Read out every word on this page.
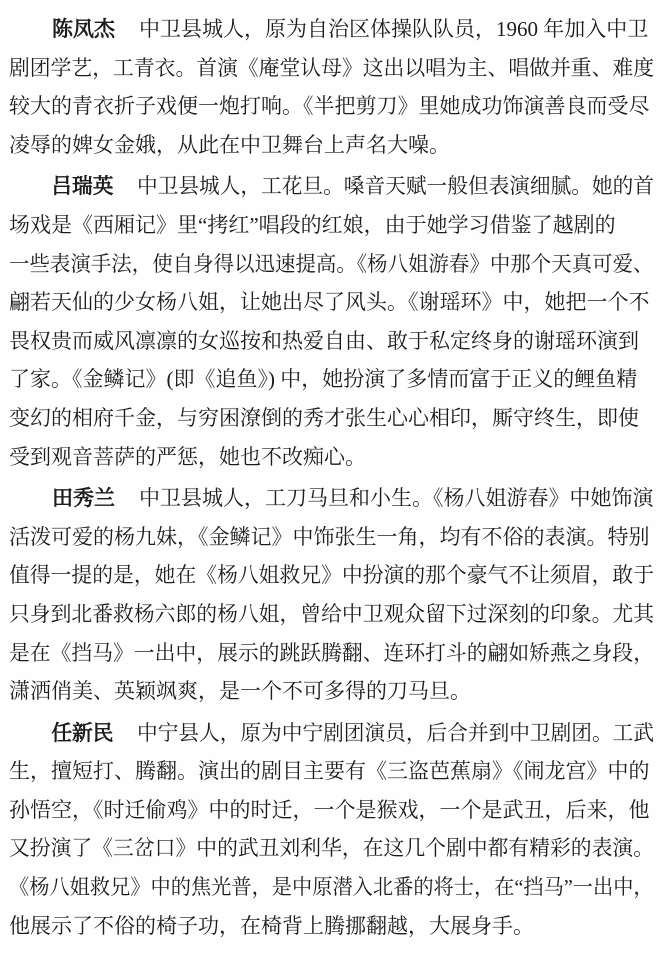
陈凤杰 中卫县城人，原为自治区体操队队员，1960 年加入中卫
剧团学艺，工青衣。首演《庵堂认母》这出以唱为主、唱做并重、难度
较大的青衣折子戏便一炮打响。《半把剪刀》里她成功饰演善良而受尽
凌辱的婢女金娥，从此在中卫舞台上声名大噪。
吕瑞英 中卫县城人，工花旦。嗓音天赋一般但表演细腻。她的首
场戏是《西厢记》里“拷红”唱段的红娘，由于她学习借鉴了越剧的
一些表演手法，使自身得以迅速提高。《杨八姐游春》中那个天真可爱、
翩若天仙的少女杨八姐，让她出尽了风头。《谢瑶环》中，她把一个不
畏权贵而威风凛凛的女巡按和热爱自由、敢于私定终身的谢瑶环演到
了家。《金鳞记》(即《追鱼》) 中，她扮演了多情而富于正义的鲤鱼精
变幻的相府千金，与穷困潦倒的秀才张生心心相印，厮守终生，即使
受到观音菩萨的严惩，她也不改痴心。
田秀兰 中卫县城人，工刀马旦和小生。《杨八姐游春》中她饰演
活泼可爱的杨九妹，《金鳞记》中饰张生一角，均有不俗的表演。特别
值得一提的是，她在《杨八姐救兄》中扮演的那个豪气不让须眉，敢于
只身到北番救杨六郎的杨八姐，曾给中卫观众留下过深刻的印象。尤其
是在《挡马》一出中，展示的跳跃腾翻、连环打斗的翩如矫燕之身段，
潇洒俏美、英颖飒爽，是一个不可多得的刀马旦。
任新民 中宁县人，原为中宁剧团演员，后合并到中卫剧团。工武
生，擅短打、腾翻。演出的剧目主要有《三盗芭蕉扇》《闹龙宫》中的
孙悟空，《时迁偷鸡》中的时迁，一个是猴戏，一个是武丑，后来，他
又扮演了《三岔口》中的武丑刘利华，在这几个剧中都有精彩的表演。
《杨八姐救兄》中的焦光普，是中原潜入北番的将士，在“挡马”一出中，
他展示了不俗的椅子功，在椅背上腾挪翻越，大展身手。
